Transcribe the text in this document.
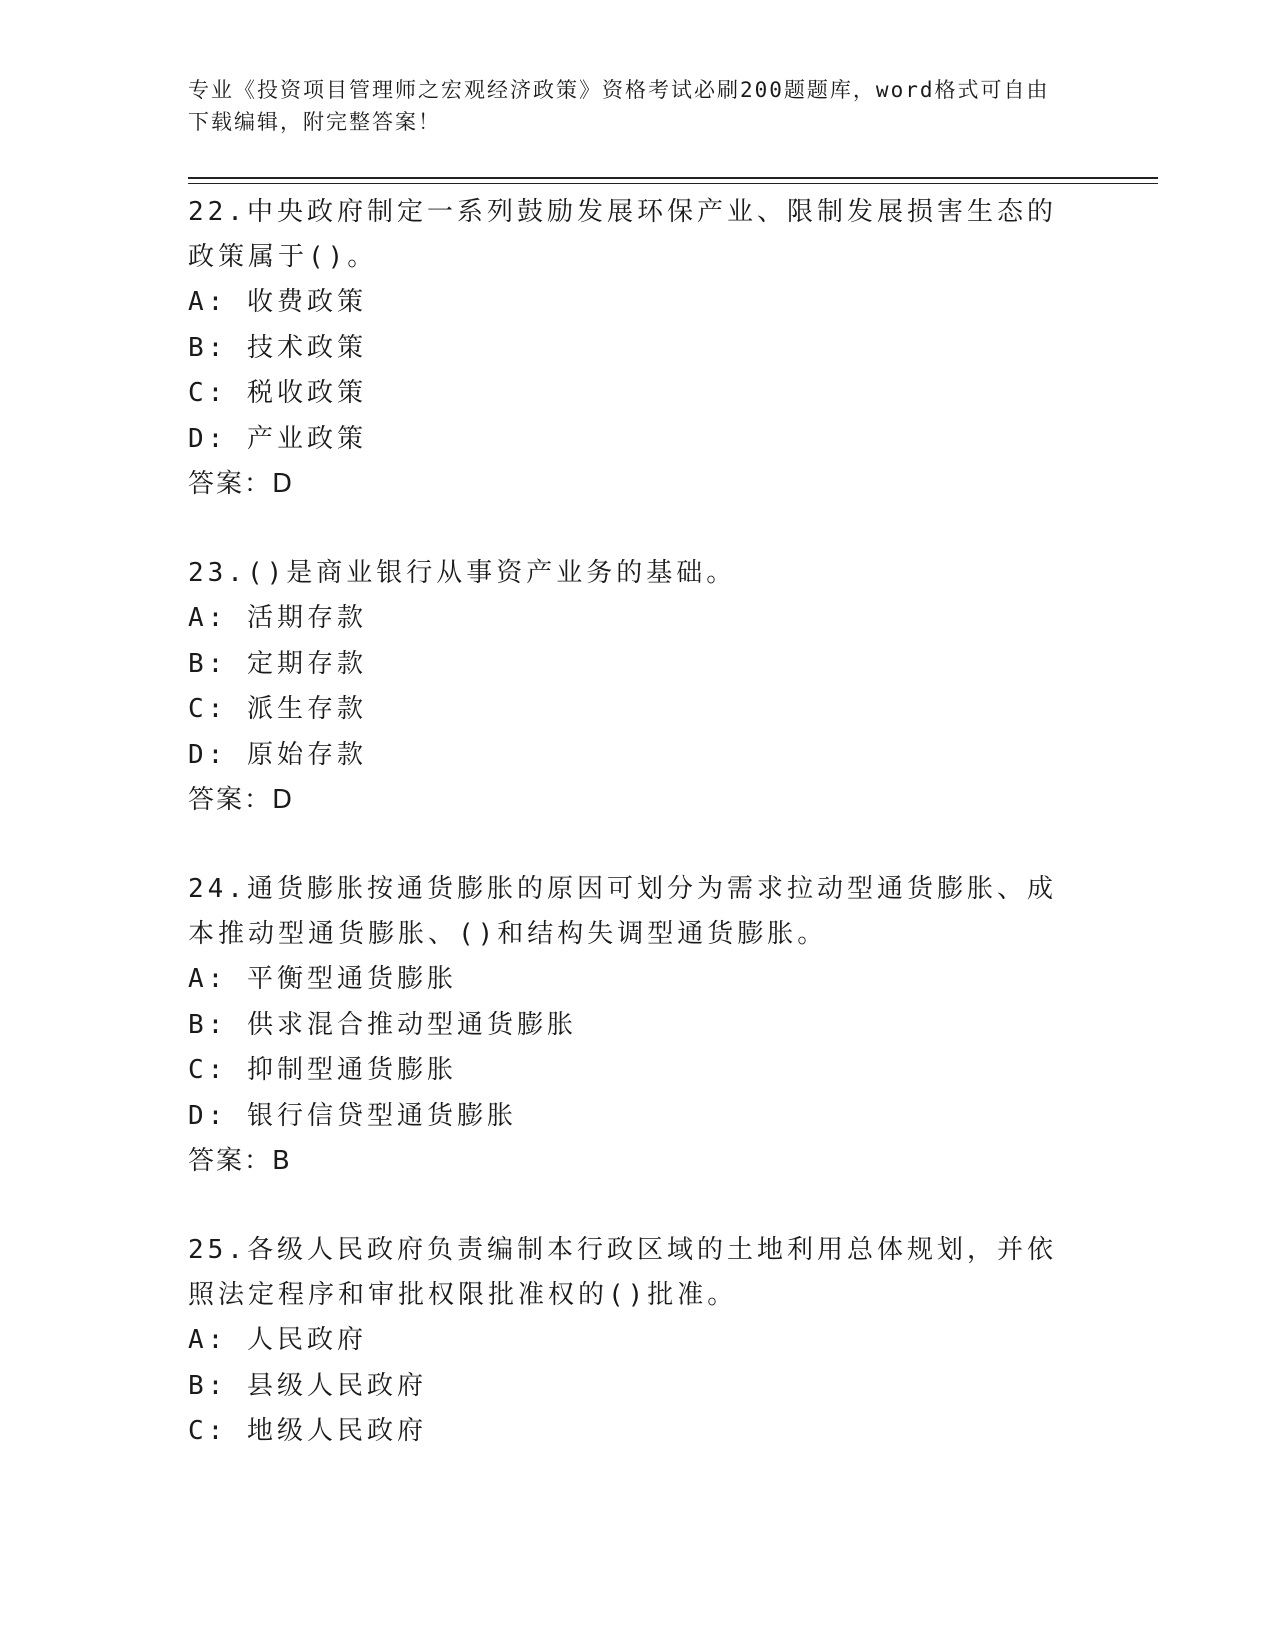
专业《投资项目管理师之宏观经济政策》资格考试必刷200题题库，word格式可自由下载编辑，附完整答案！

22.中央政府制定一系列鼓励发展环保产业、限制发展损害生态的政策属于()。

A: 收费政策

B: 技术政策

C: 税收政策

D: 产业政策

答案：D

23.()是商业银行从事资产业务的基础。

A: 活期存款

B: 定期存款

C: 派生存款

D: 原始存款

答案：D

24.通货膨胀按通货膨胀的原因可划分为需求拉动型通货膨胀、成本推动型通货膨胀、()和结构失调型通货膨胀。

A: 平衡型通货膨胀

B: 供求混合推动型通货膨胀

C: 抑制型通货膨胀

D: 银行信贷型通货膨胀

答案：B

25.各级人民政府负责编制本行政区域的土地利用总体规划，并依照法定程序和审批权限批准权的()批准。

A: 人民政府

B: 县级人民政府

C: 地级人民政府
